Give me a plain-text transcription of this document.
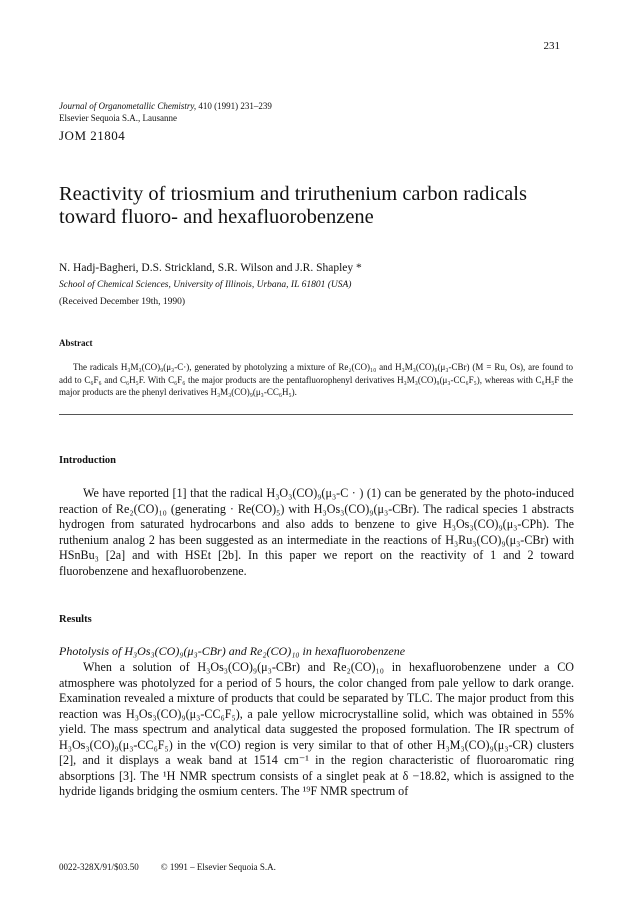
231
Journal of Organometallic Chemistry, 410 (1991) 231–239
Elsevier Sequoia S.A., Lausanne
JOM 21804
Reactivity of triosmium and triruthenium carbon radicals toward fluoro- and hexafluorobenzene
N. Hadj-Bagheri, D.S. Strickland, S.R. Wilson and J.R. Shapley *
School of Chemical Sciences, University of Illinois, Urbana, IL 61801 (USA)
(Received December 19th, 1990)
Abstract
The radicals H₃M₃(CO)₉(μ₃-C·), generated by photolyzing a mixture of Re₂(CO)₁₀ and H₃M₃(CO)₉(μ₃-CBr) (M = Ru, Os), are found to add to C₆F₆ and C₆H₅F. With C₆F₆ the major products are the pentafluorophenyl derivatives H₃M₃(CO)₉(μ₃-CC₆F₅), whereas with C₆H₅F the major products are the phenyl derivatives H₃M₃(CO)₉(μ₃-CC₆H₅).
Introduction
We have reported [1] that the radical H₃O₃(CO)₉(μ₃-C · ) (1) can be generated by the photo-induced reaction of Re₂(CO)₁₀ (generating · Re(CO)₅) with H₃Os₃(CO)₉(μ₃-CBr). The radical species 1 abstracts hydrogen from saturated hydrocarbons and also adds to benzene to give H₃Os₃(CO)₉(μ₃-CPh). The ruthenium analog 2 has been suggested as an intermediate in the reactions of H₃Ru₃(CO)₉(μ₃-CBr) with HSnBu₃ [2a] and with HSEt [2b]. In this paper we report on the reactivity of 1 and 2 toward fluorobenzene and hexafluorobenzene.
Results
Photolysis of H₃Os₃(CO)₉(μ₃-CBr) and Re₂(CO)₁₀ in hexafluorobenzene
When a solution of H₃Os₃(CO)₉(μ₃-CBr) and Re₂(CO)₁₀ in hexafluorobenzene under a CO atmosphere was photolyzed for a period of 5 hours, the color changed from pale yellow to dark orange. Examination revealed a mixture of products that could be separated by TLC. The major product from this reaction was H₃Os₃(CO)₉(μ₃-CC₆F₅), a pale yellow microcrystalline solid, which was obtained in 55% yield. The mass spectrum and analytical data suggested the proposed formulation. The IR spectrum of H₃Os₃(CO)₉(μ₃-CC₆F₅) in the ν(CO) region is very similar to that of other H₃M₃(CO)₉(μ₃-CR) clusters [2], and it displays a weak band at 1514 cm⁻¹ in the region characteristic of fluoroaromatic ring absorptions [3]. The ¹H NMR spectrum consists of a singlet peak at δ −18.82, which is assigned to the hydride ligands bridging the osmium centers. The ¹⁹F NMR spectrum of
0022-328X/91/$03.50 © 1991 – Elsevier Sequoia S.A.
